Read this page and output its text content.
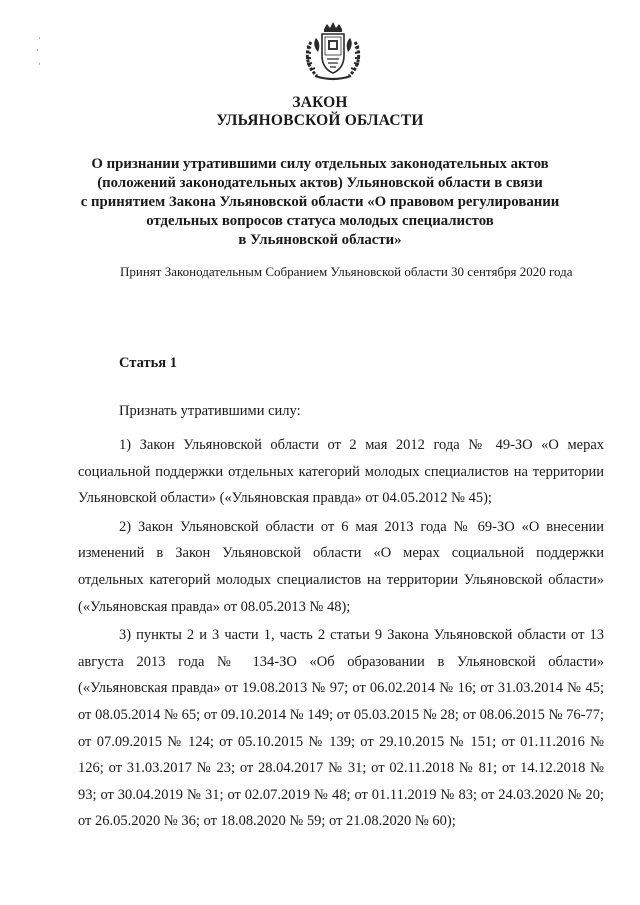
·
·
·
ЗАКОН
УЛЬЯНОВСКОЙ ОБЛАСТИ
О признании утратившими силу отдельных законодательных актов
(положений законодательных актов) Ульяновской области в связи
с принятием Закона Ульяновской области «О правовом регулировании
отдельных вопросов статуса молодых специалистов
в Ульяновской области»
Принят Законодательным Собранием Ульяновской области 30 сентября 2020 года
Статья 1
Признать утратившими силу:

1) Закон Ульяновской области от 2 мая 2012 года № 49-ЗО «О мерах социальной поддержки отдельных категорий молодых специалистов на территории Ульяновской области» («Ульяновская правда» от 04.05.2012 № 45);

2) Закон Ульяновской области от 6 мая 2013 года № 69-ЗО «О внесении изменений в Закон Ульяновской области «О мерах социальной поддержки отдельных категорий молодых специалистов на территории Ульяновской области» («Ульяновская правда» от 08.05.2013 № 48);

3) пункты 2 и 3 части 1, часть 2 статьи 9 Закона Ульяновской области от 13 августа 2013 года № 134-ЗО «Об образовании в Ульяновской области» («Ульяновская правда» от 19.08.2013 № 97; от 06.02.2014 № 16; от 31.03.2014 № 45; от 08.05.2014 № 65; от 09.10.2014 № 149; от 05.03.2015 № 28; от 08.06.2015 № 76-77; от 07.09.2015 № 124; от 05.10.2015 № 139; от 29.10.2015 № 151; от 01.11.2016 № 126; от 31.03.2017 № 23; от 28.04.2017 № 31; от 02.11.2018 № 81; от 14.12.2018 № 93; от 30.04.2019 № 31; от 02.07.2019 № 48; от 01.11.2019 № 83; от 24.03.2020 № 20; от 26.05.2020 № 36; от 18.08.2020 № 59; от 21.08.2020 № 60);
